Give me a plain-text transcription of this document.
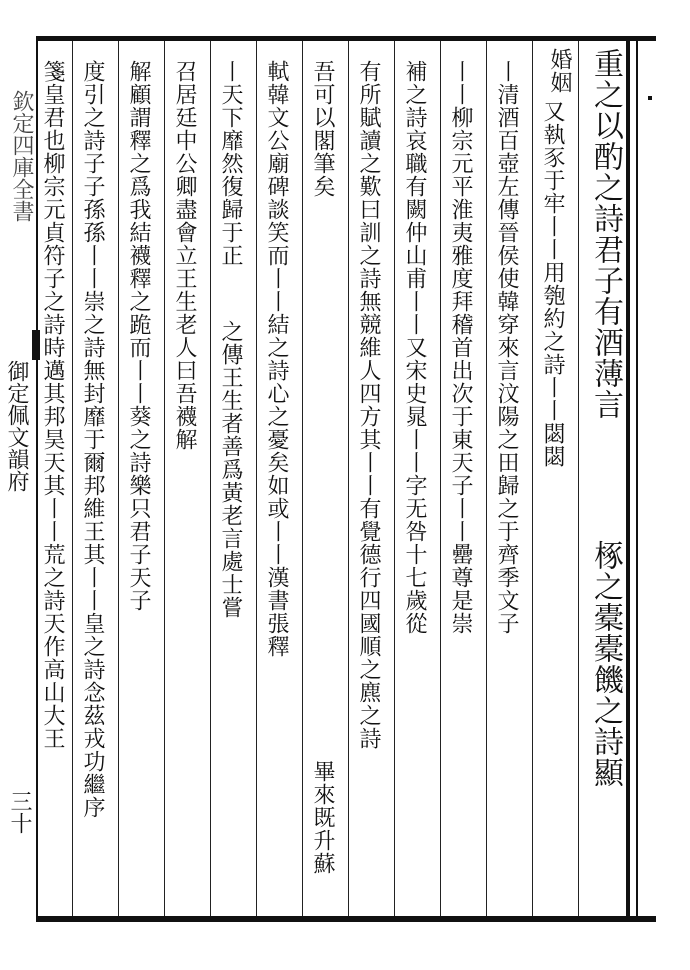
欽定四庫全書
御定佩文韻府
三十
重之以酌之詩君子有酒薄言
椓之橐橐饑之詩顯
婚姻
又執豕于牢丨丨用匏約之詩丨丨閟閟
丨清酒百壺左傳晉侯使韓穿來言汶陽之田歸之于齊季文子
丨丨柳宗元平淮夷雅度拜稽首出次于東天子丨丨罍尊是崇
補之詩哀職有闕仲山甫丨丨又宋史晁丨丨字无咎十七歲從
有所賦讀之歎曰訓之詩無競維人四方其丨丨有覺德行四國順之麃之詩
吾可以閣筆矣
畢來既升蘇
軾韓文公廟碑談笑而丨丨結之詩心之憂矣如或丨丨漢書張釋
丨天下靡然復歸于正
之傳王生者善爲黃老言處士嘗
召居廷中公卿盡會立王生老人曰吾襪解
解顧謂釋之爲我結襪釋之跪而丨丨葵之詩樂只君子天子
度引之詩子子孫孫丨丨崇之詩無封靡于爾邦維王其丨丨皇之詩念茲戎功繼序
箋皇君也柳宗元貞符子之詩時邁其邦昊天其丨丨荒之詩天作高山大王
